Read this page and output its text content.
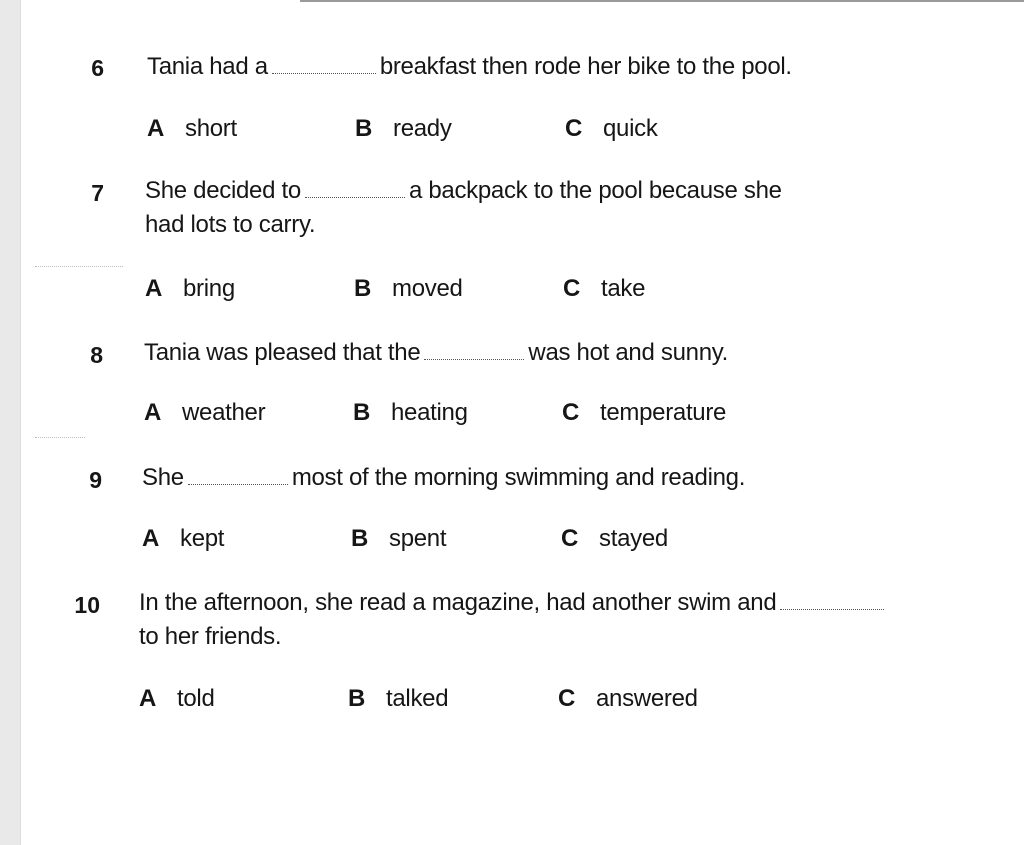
6 Tania had a	breakfast then rode her bike to the pool.
A short	B ready	C quick
7 She decided to	a backpack to the pool because she
had lots to carry.
A bring	B moved	C take
8 Tania was pleased that the	was hot and sunny.
A weather	B heating	C temperature
9 She	most of the morning swimming and reading.
A kept	B spent	C stayed
10 In the afternoon, she read a magazine, had another swim and
to her friends.
A told	B talked	C answered
